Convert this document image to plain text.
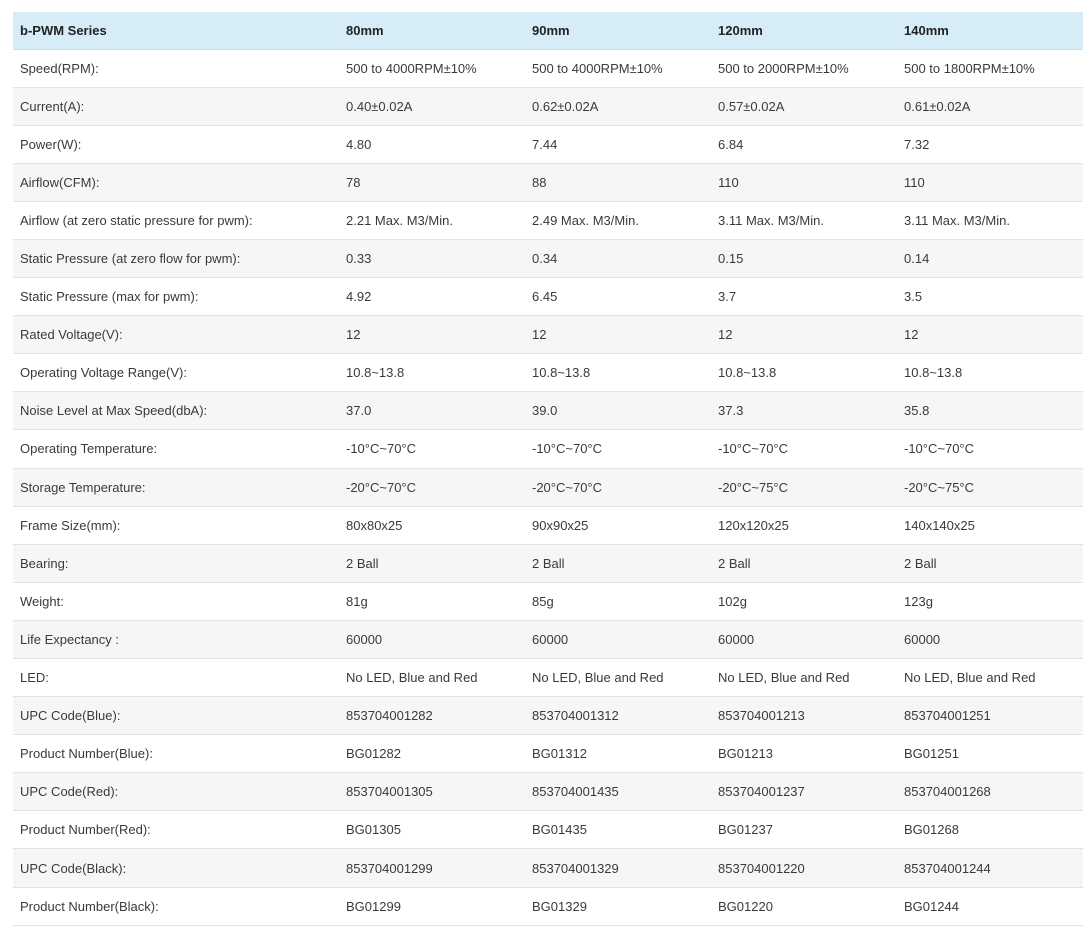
b-PWM Series	80mm	90mm	120mm	140mm
Speed(RPM):	500 to 4000RPM±10%	500 to 4000RPM±10%	500 to 2000RPM±10%	500 to 1800RPM±10%
Current(A):	0.40±0.02A	0.62±0.02A	0.57±0.02A	0.61±0.02A
Power(W):	4.80	7.44	6.84	7.32
Airflow(CFM):	78	88	110	110
Airflow (at zero static pressure for pwm):	2.21 Max. M3/Min.	2.49 Max. M3/Min.	3.11 Max. M3/Min.	3.11 Max. M3/Min.
Static Pressure (at zero flow for pwm):	0.33	0.34	0.15	0.14
Static Pressure (max for pwm):	4.92	6.45	3.7	3.5
Rated Voltage(V):	12	12	12	12
Operating Voltage Range(V):	10.8~13.8	10.8~13.8	10.8~13.8	10.8~13.8
Noise Level at Max Speed(dbA):	37.0	39.0	37.3	35.8
Operating Temperature:	-10°C~70°C	-10°C~70°C	-10°C~70°C	-10°C~70°C
Storage Temperature:	-20°C~70°C	-20°C~70°C	-20°C~75°C	-20°C~75°C
Frame Size(mm):	80x80x25	90x90x25	120x120x25	140x140x25
Bearing:	2 Ball	2 Ball	2 Ball	2 Ball
Weight:	81g	85g	102g	123g
Life Expectancy :	60000	60000	60000	60000
LED:	No LED, Blue and Red	No LED, Blue and Red	No LED, Blue and Red	No LED, Blue and Red
UPC Code(Blue):	853704001282	853704001312	853704001213	853704001251
Product Number(Blue):	BG01282	BG01312	BG01213	BG01251
UPC Code(Red):	853704001305	853704001435	853704001237	853704001268
Product Number(Red):	BG01305	BG01435	BG01237	BG01268
UPC Code(Black):	853704001299	853704001329	853704001220	853704001244
Product Number(Black):	BG01299	BG01329	BG01220	BG01244
